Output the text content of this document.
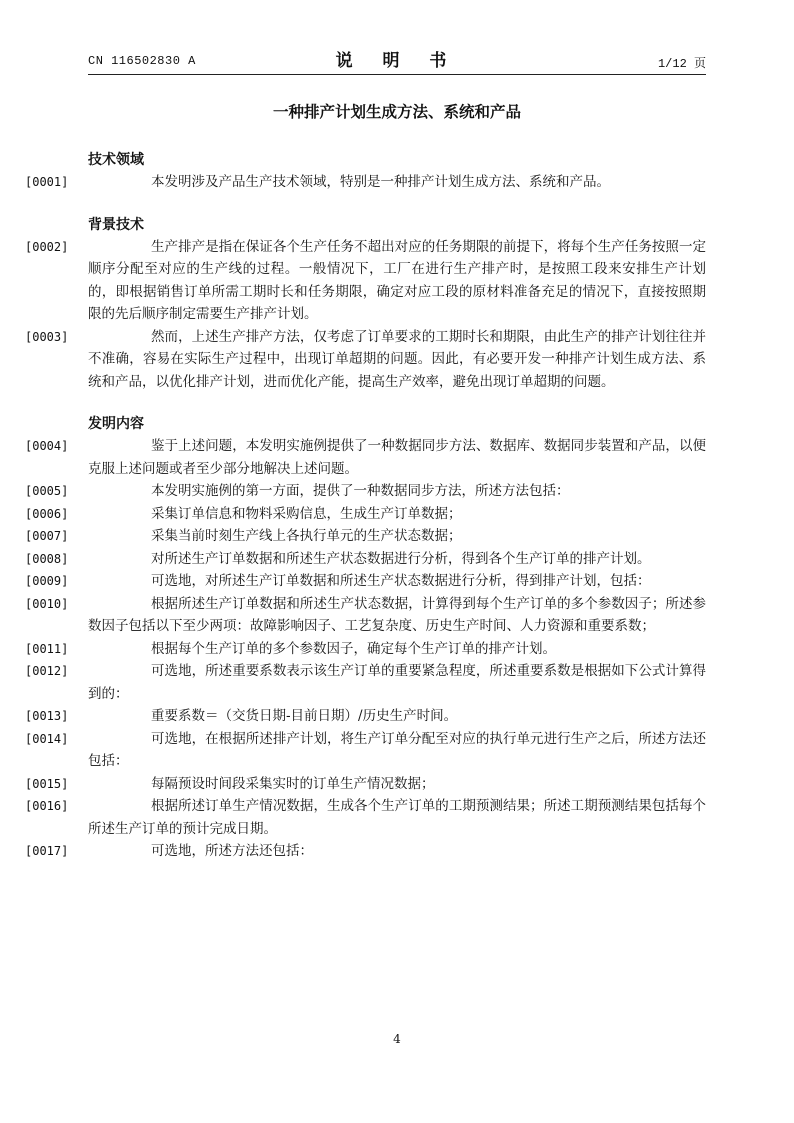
CN 116502830 A	说 明 书	1/12 页
一种排产计划生成方法、系统和产品
技术领域
[0001]	本发明涉及产品生产技术领域，特别是一种排产计划生成方法、系统和产品。
背景技术
[0002]	生产排产是指在保证各个生产任务不超出对应的任务期限的前提下，将每个生产任务按照一定顺序分配至对应的生产线的过程。一般情况下，工厂在进行生产排产时，是按照工段来安排生产计划的，即根据销售订单所需工期时长和任务期限，确定对应工段的原材料准备充足的情况下，直接按照期限的先后顺序制定需要生产排产计划。
[0003]	然而，上述生产排产方法，仅考虑了订单要求的工期时长和期限，由此生产的排产计划往往并不准确，容易在实际生产过程中，出现订单超期的问题。因此，有必要开发一种排产计划生成方法、系统和产品，以优化排产计划，进而优化产能，提高生产效率，避免出现订单超期的问题。
发明内容
[0004]	鉴于上述问题，本发明实施例提供了一种数据同步方法、数据库、数据同步装置和产品，以便克服上述问题或者至少部分地解决上述问题。
[0005]	本发明实施例的第一方面，提供了一种数据同步方法，所述方法包括：
[0006]	采集订单信息和物料采购信息，生成生产订单数据；
[0007]	采集当前时刻生产线上各执行单元的生产状态数据；
[0008]	对所述生产订单数据和所述生产状态数据进行分析，得到各个生产订单的排产计划。
[0009]	可选地，对所述生产订单数据和所述生产状态数据进行分析，得到排产计划，包括：
[0010]	根据所述生产订单数据和所述生产状态数据，计算得到每个生产订单的多个参数因子；所述参数因子包括以下至少两项：故障影响因子、工艺复杂度、历史生产时间、人力资源和重要系数；
[0011]	根据每个生产订单的多个参数因子，确定每个生产订单的排产计划。
[0012]	可选地，所述重要系数表示该生产订单的重要紧急程度，所述重要系数是根据如下公式计算得到的：
[0013]	重要系数＝（交货日期-目前日期）/历史生产时间。
[0014]	可选地，在根据所述排产计划，将生产订单分配至对应的执行单元进行生产之后，所述方法还包括：
[0015]	每隔预设时间段采集实时的订单生产情况数据；
[0016]	根据所述订单生产情况数据，生成各个生产订单的工期预测结果；所述工期预测结果包括每个所述生产订单的预计完成日期。
[0017]	可选地，所述方法还包括：
4
